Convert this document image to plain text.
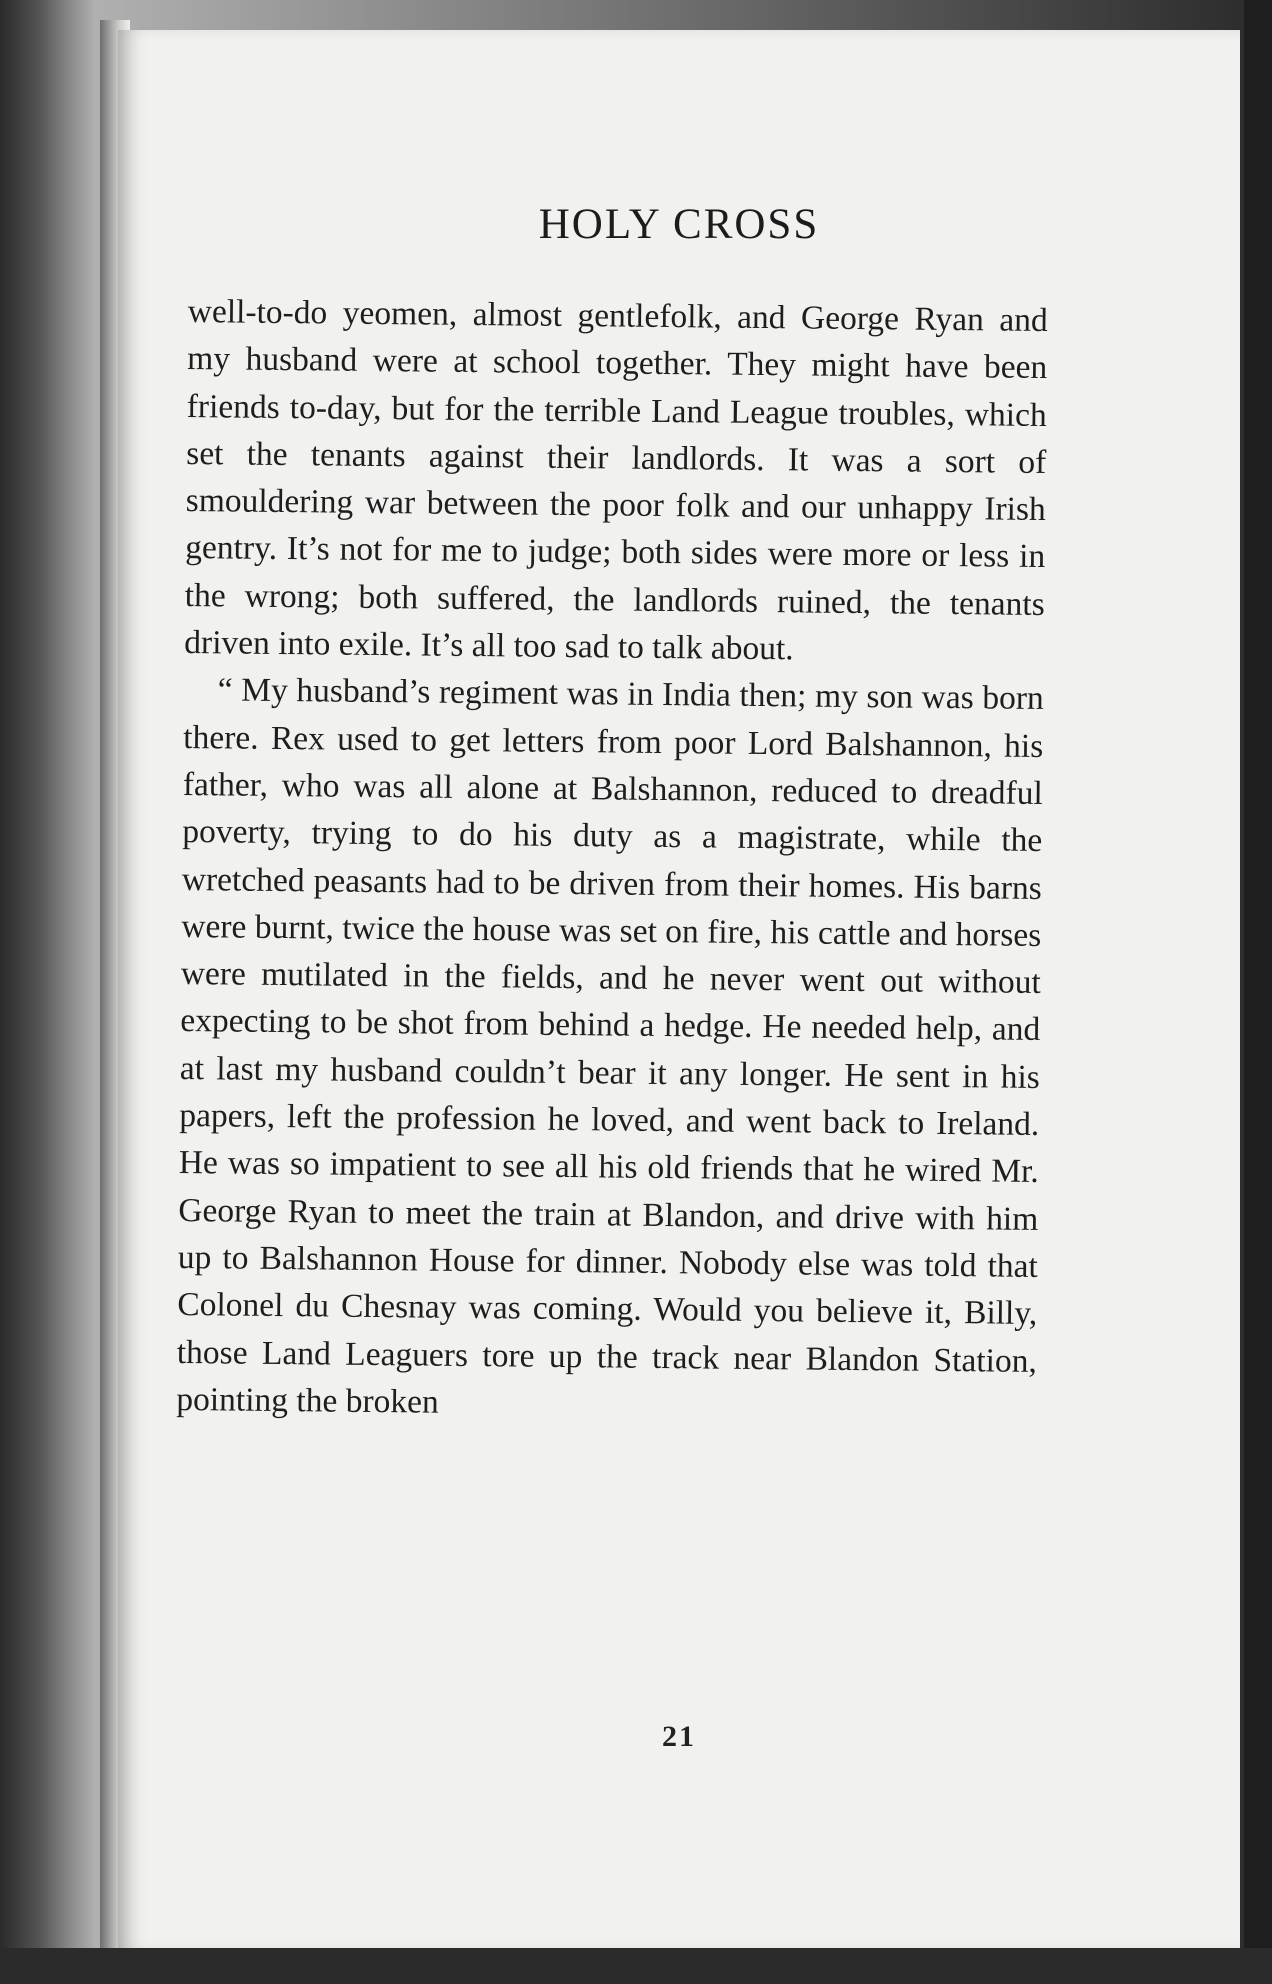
HOLY CROSS

well-to-do yeomen, almost gentlefolk, and George Ryan and my husband were at school together. They might have been friends to-day, but for the terrible Land League troubles, which set the tenants against their landlords. It was a sort of smouldering war between the poor folk and our unhappy Irish gentry. It’s not for me to judge; both sides were more or less in the wrong; both suffered, the landlords ruined, the tenants driven into exile. It’s all too sad to talk about.

“ My husband’s regiment was in India then; my son was born there. Rex used to get letters from poor Lord Balshannon, his father, who was all alone at Balshannon, reduced to dreadful poverty, trying to do his duty as a magistrate, while the wretched peasants had to be driven from their homes. His barns were burnt, twice the house was set on fire, his cattle and horses were mutilated in the fields, and he never went out without expecting to be shot from behind a hedge. He needed help, and at last my husband couldn’t bear it any longer. He sent in his papers, left the profession he loved, and went back to Ireland. He was so impatient to see all his old friends that he wired Mr. George Ryan to meet the train at Blandon, and drive with him up to Balshannon House for dinner. Nobody else was told that Colonel du Chesnay was coming. Would you believe it, Billy, those Land Leaguers tore up the track near Blandon Station, pointing the broken

21
